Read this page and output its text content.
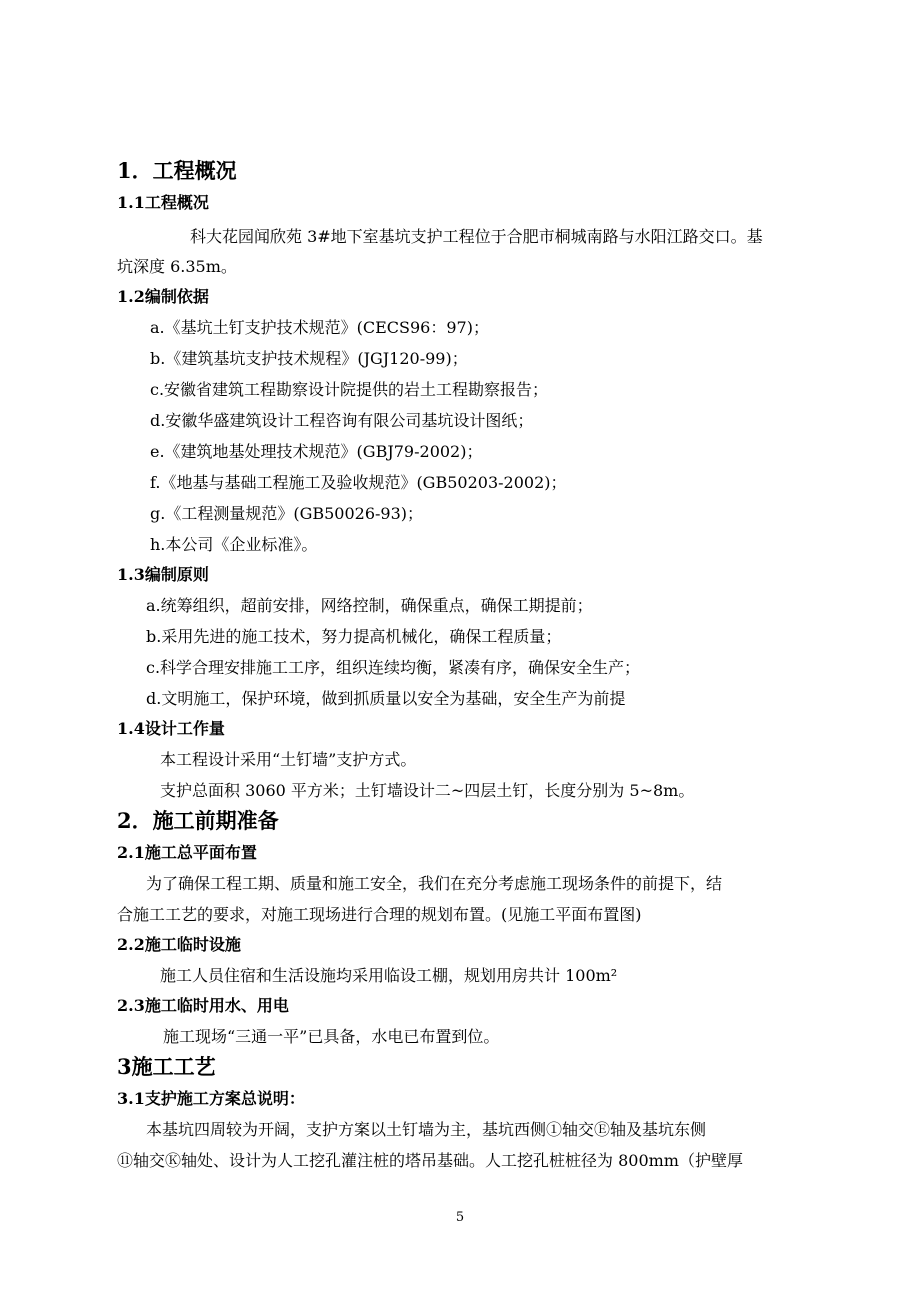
1．工程概况
1.1工程概况
科大花园闻欣苑 3#地下室基坑支护工程位于合肥市桐城南路与水阳江路交口。基
坑深度 6.35m。
1.2编制依据
a.《基坑土钉支护技术规范》(CECS96：97)；
b.《建筑基坑支护技术规程》(JGJ120-99)；
c.安徽省建筑工程勘察设计院提供的岩土工程勘察报告；
d.安徽华盛建筑设计工程咨询有限公司基坑设计图纸；
e.《建筑地基处理技术规范》(GBJ79-2002)；
f.《地基与基础工程施工及验收规范》(GB50203-2002)；
g.《工程测量规范》(GB50026-93)；
h.本公司《企业标准》。
1.3编制原则
a.统筹组织，超前安排，网络控制，确保重点，确保工期提前；
b.采用先进的施工技术，努力提高机械化，确保工程质量；
c.科学合理安排施工工序，组织连续均衡，紧凑有序，确保安全生产；
d.文明施工，保护环境，做到抓质量以安全为基础，安全生产为前提
1.4设计工作量
本工程设计采用“土钉墙”支护方式。
支护总面积 3060 平方米；土钉墙设计二~四层土钉，长度分别为 5~8m。
2．施工前期准备
2.1施工总平面布置
为了确保工程工期、质量和施工安全，我们在充分考虑施工现场条件的前提下，结
合施工工艺的要求，对施工现场进行合理的规划布置。(见施工平面布置图)
2.2施工临时设施
施工人员住宿和生活设施均采用临设工棚，规划用房共计 100m²
2.3施工临时用水、用电
施工现场“三通一平”已具备，水电已布置到位。
3施工工艺
3.1支护施工方案总说明：
本基坑四周较为开阔，支护方案以土钉墙为主，基坑西侧①轴交Ⓔ轴及基坑东侧
⑪轴交Ⓚ轴处、设计为人工挖孔灌注桩的塔吊基础。人工挖孔桩桩径为 800mm（护壁厚
5
